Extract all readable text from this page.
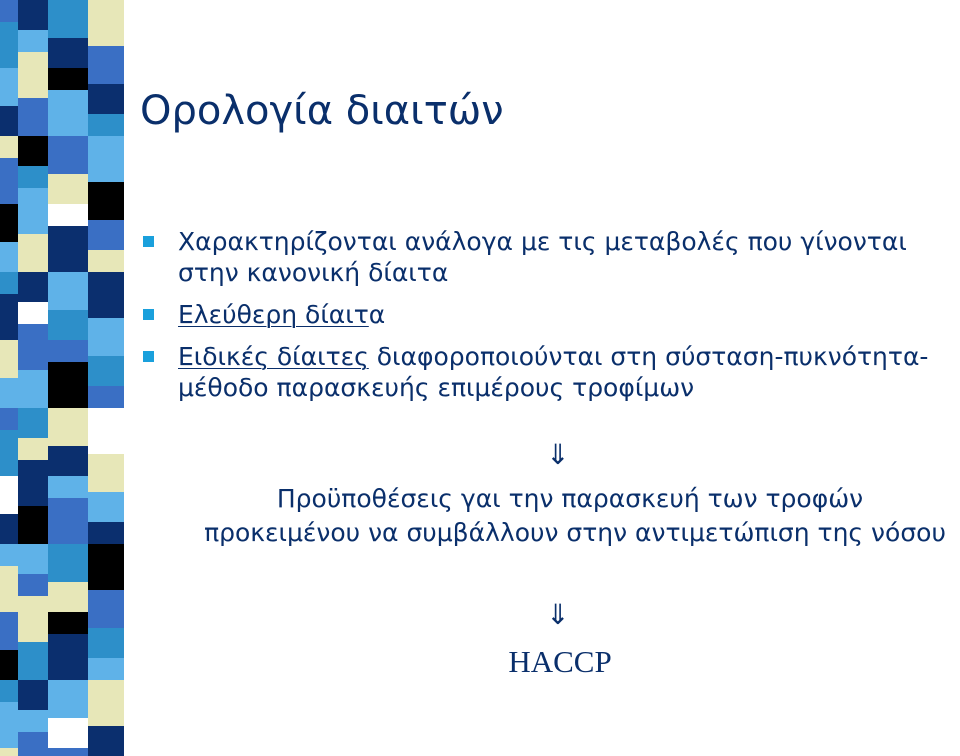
Ορολογία διαιτών
Χαρακτηρίζονται ανάλογα με τις μεταβολές που γίνονται στην κανονική δίαιτα
Ελεύθερη δίαιτα
Ειδικές δίαιτες διαφοροποιούνται στη σύσταση-πυκνότητα-μέθοδο παρασκευής επιμέρους τροφίμων
⇓
Προϋποθέσεις γαι την παρασκευή των τροφών
προκειμένου να συμβάλλουν στην αντιμετώπιση της νόσου
⇓
HACCP
